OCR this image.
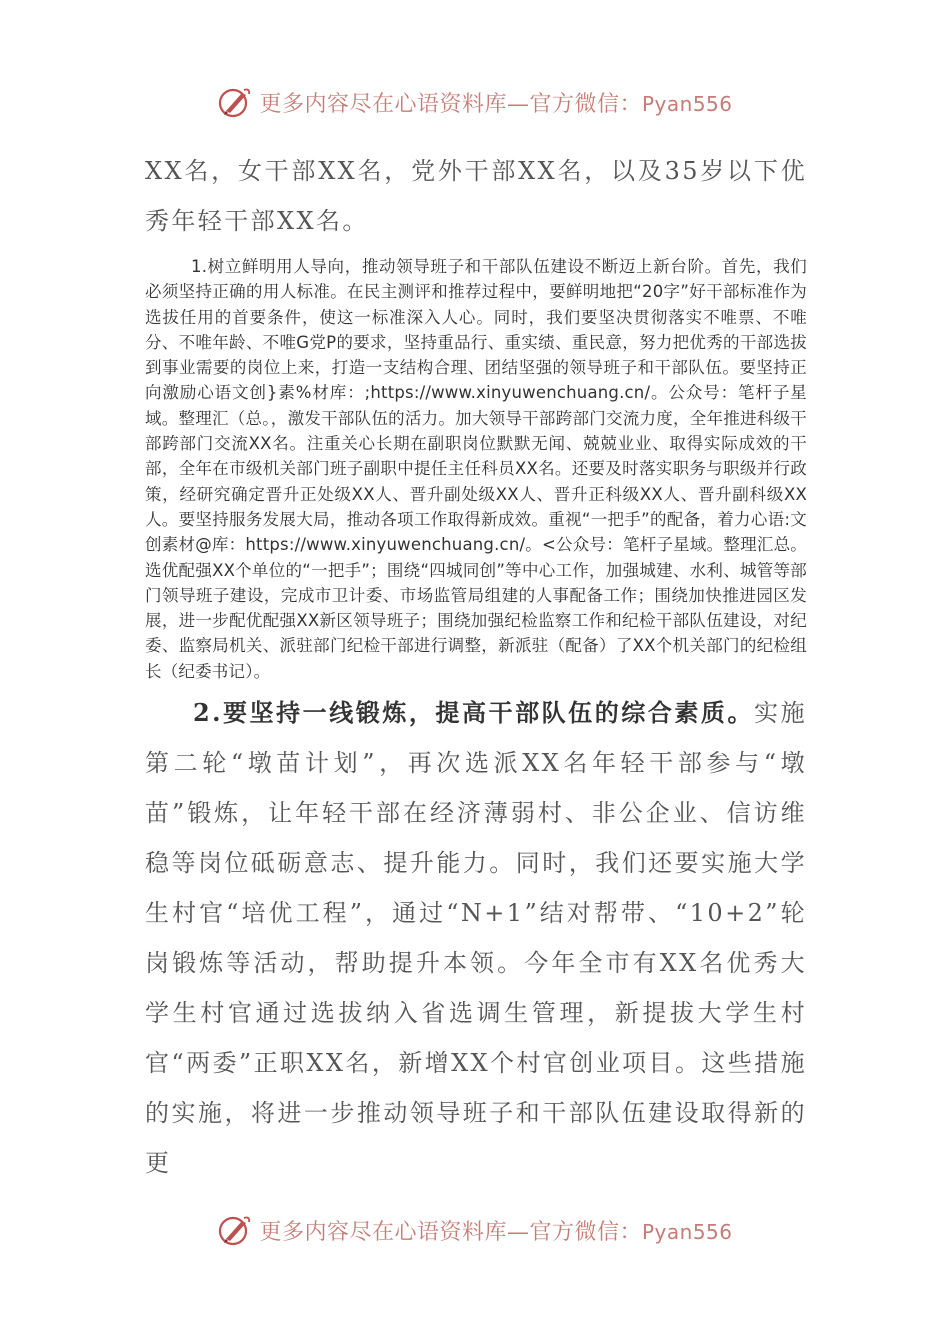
更多内容尽在心语资料库—官方微信：Pyan556

XX名，女干部XX名，党外干部XX名，以及35岁以下优秀年轻干部XX名。

1.树立鲜明用人导向，推动领导班子和干部队伍建设不断迈上新台阶。首先，我们必须坚持正确的用人标准。在民主测评和推荐过程中，要鲜明地把“20字”好干部标准作为选拔任用的首要条件，使这一标准深入人心。同时，我们要坚决贯彻落实不唯票、不唯分、不唯年龄、不唯G党P的要求，坚持重品行、重实绩、重民意，努力把优秀的干部选拔到事业需要的岗位上来，打造一支结构合理、团结坚强的领导班子和干部队伍。要坚持正向激励心语文创}素%材库：;https://www.xinyuwenchuang.cn/。公众号：笔杆子星域。整理汇（总。，激发干部队伍的活力。加大领导干部跨部门交流力度，全年推进科级干部跨部门交流XX名。注重关心长期在副职岗位默默无闻、兢兢业业、取得实际成效的干部，全年在市级机关部门班子副职中提任主任科员XX名。还要及时落实职务与职级并行政策，经研究确定晋升正处级XX人、晋升副处级XX人、晋升正科级XX人、晋升副科级XX人。要坚持服务发展大局，推动各项工作取得新成效。重视“一把手”的配备，着力心语:文创素材@库：https://www.xinyuwenchuang.cn/。<公众号：笔杆子星域。整理汇总。选优配强XX个单位的“一把手”；围绕“四城同创”等中心工作，加强城建、水利、城管等部门领导班子建设，完成市卫计委、市场监管局组建的人事配备工作；围绕加快推进园区发展，进一步配优配强XX新区领导班子；围绕加强纪检监察工作和纪检干部队伍建设，对纪委、监察局机关、派驻部门纪检干部进行调整，新派驻（配备）了XX个机关部门的纪检组长（纪委书记）。

2.要坚持一线锻炼，提高干部队伍的综合素质。实施第二轮“墩苗计划”，再次选派XX名年轻干部参与“墩苗”锻炼，让年轻干部在经济薄弱村、非公企业、信访维稳等岗位砥砺意志、提升能力。同时，我们还要实施大学生村官“培优工程”，通过“N+1”结对帮带、“10+2”轮岗锻炼等活动，帮助提升本领。今年全市有XX名优秀大学生村官通过选拔纳入省选调生管理，新提拔大学生村官“两委”正职XX名，新增XX个村官创业项目。这些措施的实施，将进一步推动领导班子和干部队伍建设取得新的更

更多内容尽在心语资料库—官方微信：Pyan556
